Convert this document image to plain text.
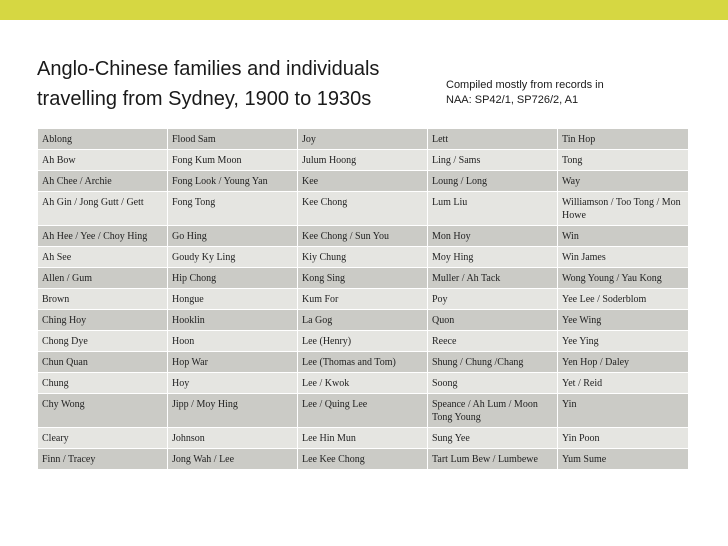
Anglo-Chinese families and individuals
travelling from Sydney, 1900 to 1930s
Compiled mostly from records in
NAA: SP42/1, SP726/2, A1
Ablong	Flood Sam	Joy	Lett	Tin Hop
Ah Bow	Fong Kum Moon	Julum Hoong	Ling / Sams	Tong
Ah Chee / Archie	Fong Look / Young Yan	Kee	Loung / Long	Way
Ah Gin / Jong Gutt / Gett	Fong Tong	Kee Chong	Lum Liu	Williamson / Too Tong / Mon Howe
Ah Hee / Yee / Choy Hing	Go Hing	Kee Chong / Sun You	Mon Hoy	Win
Ah See	Goudy Ky Ling	Kiy Chung	Moy Hing	Win James
Allen / Gum	Hip Chong	Kong Sing	Muller / Ah Tack	Wong Young / Yau Kong
Brown	Hongue	Kum For	Poy	Yee Lee / Soderblom
Ching Hoy	Hooklin	La Gog	Quon	Yee Wing
Chong Dye	Hoon	Lee (Henry)	Reece	Yee Ying
Chun Quan	Hop War	Lee (Thomas and Tom)	Shung / Chung /Chang	Yen Hop / Daley
Chung	Hoy	Lee / Kwok	Soong	Yet / Reid
Chy Wong	Jipp / Moy Hing	Lee / Quing Lee	Speance / Ah Lum / Moon Tong Young	Yin
Cleary	Johnson	Lee Hin Mun	Sung Yee	Yin Poon
Finn / Tracey	Jong Wah / Lee	Lee Kee Chong	Tart Lum Bew / Lumbewe	Yum Sume
